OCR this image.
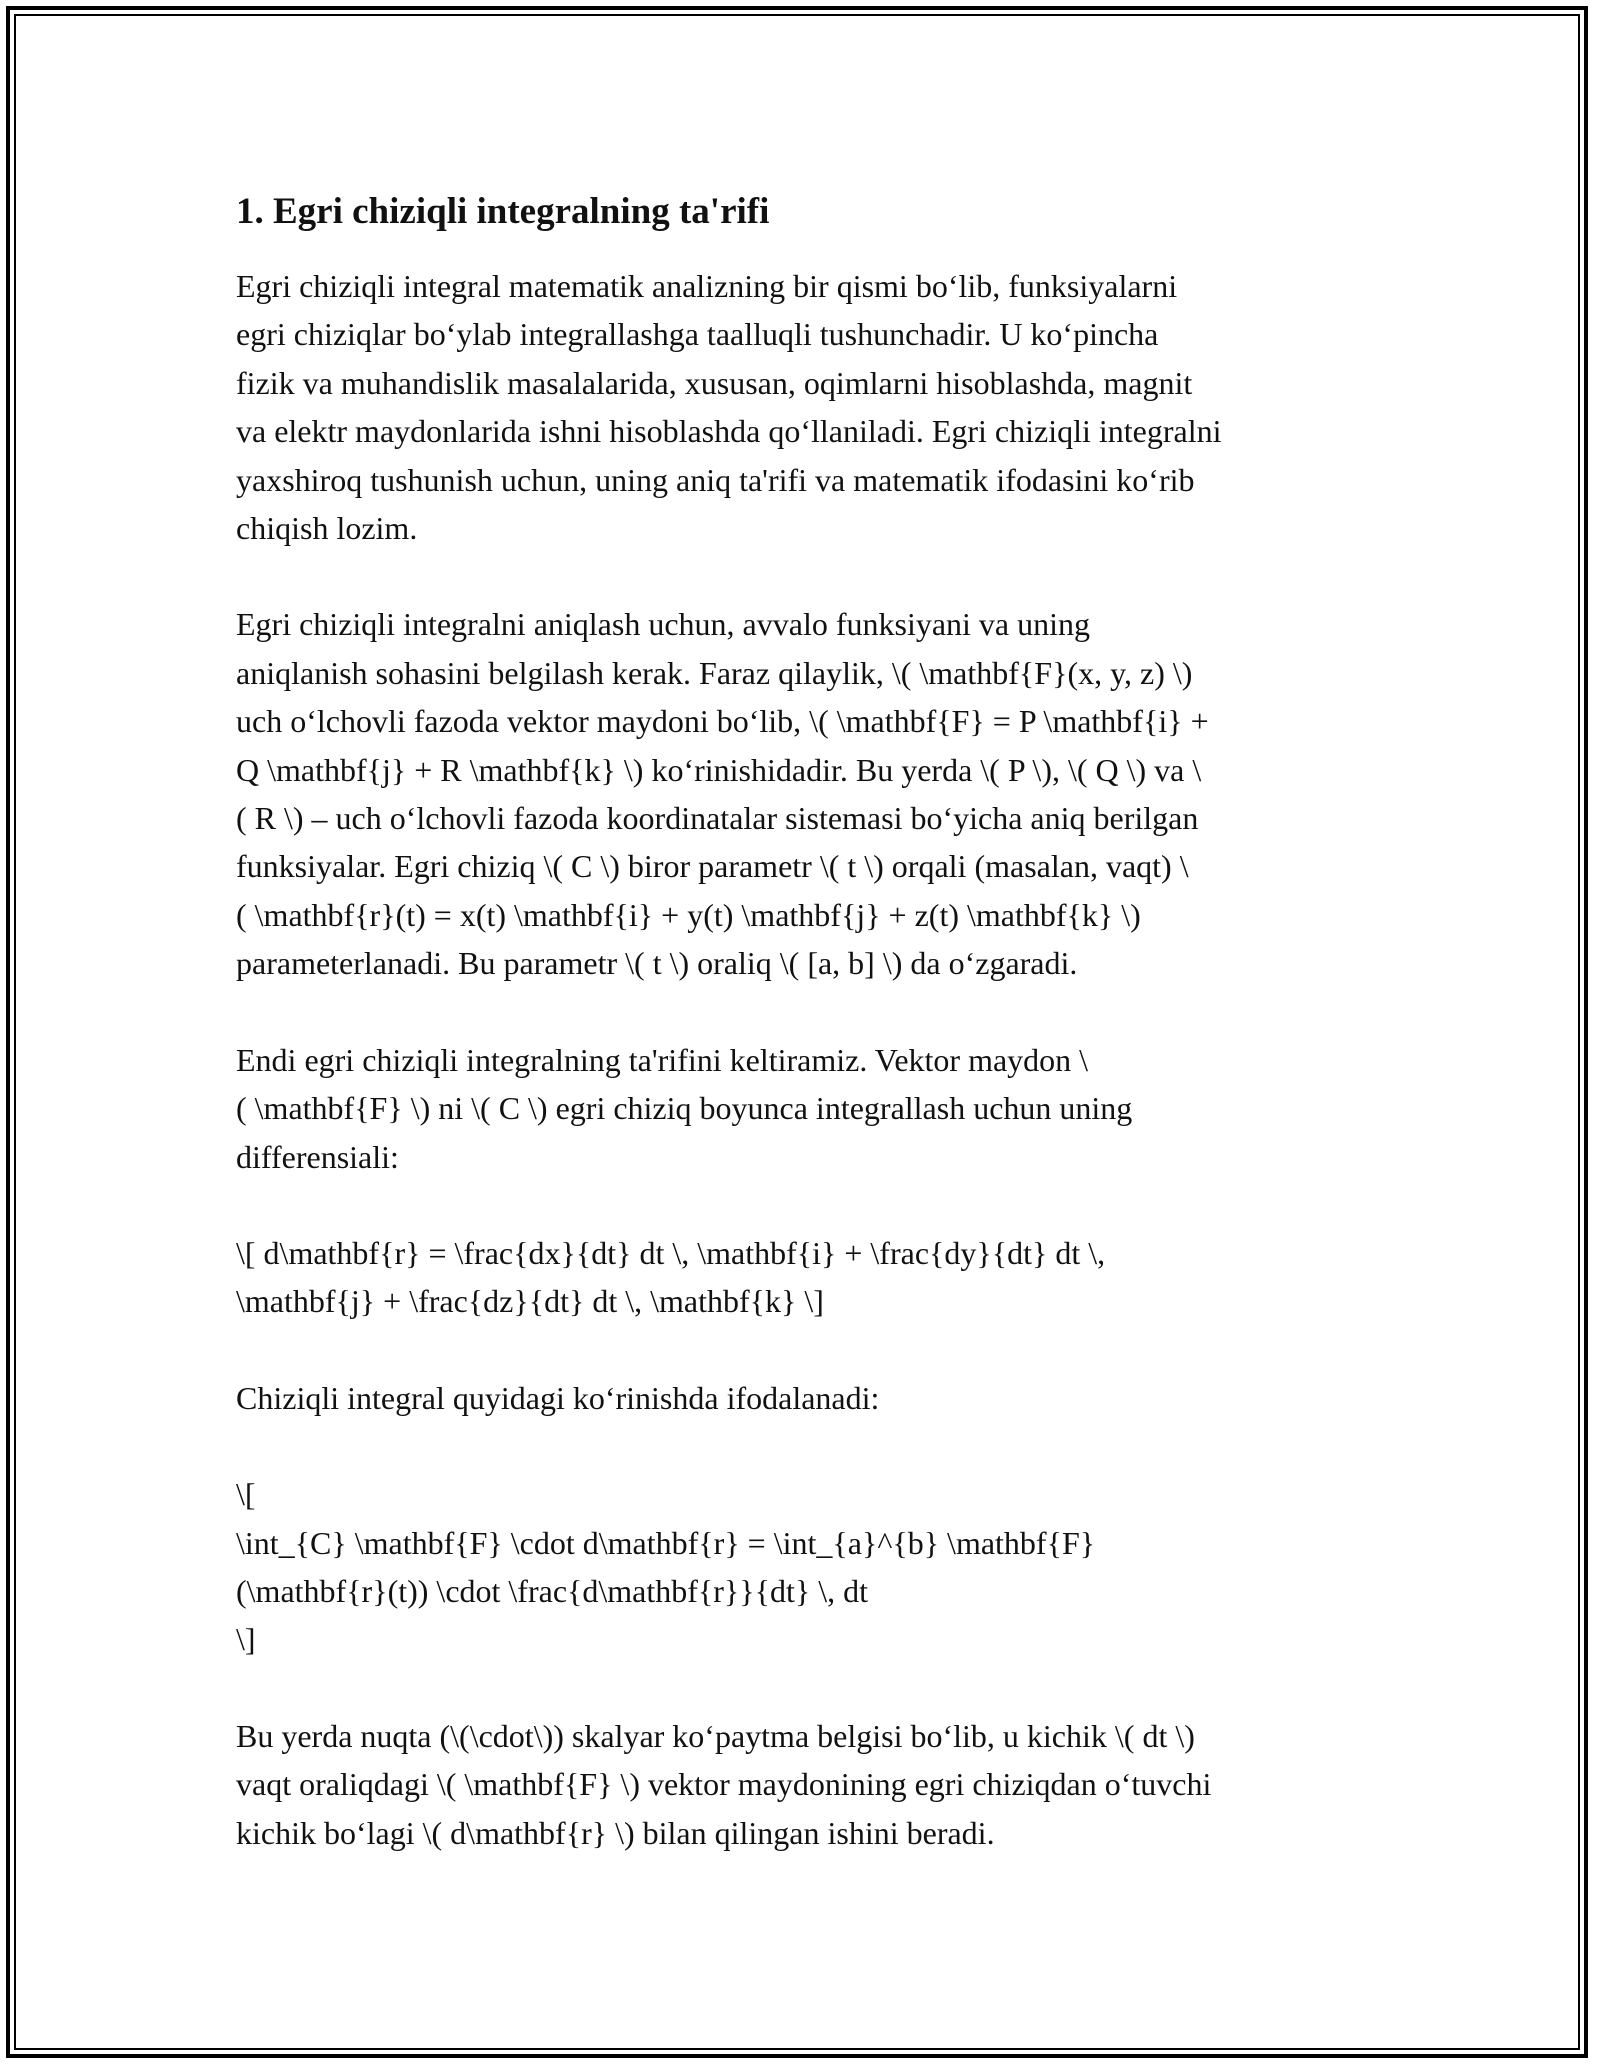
1. Egri chiziqli integralning ta'rifi

Egri chiziqli integral matematik analizning bir qismi bo‘lib, funksiyalarni
egri chiziqlar bo‘ylab integrallashga taalluqli tushunchadir. U ko‘pincha
fizik va muhandislik masalalarida, xususan, oqimlarni hisoblashda, magnit
va elektr maydonlarida ishni hisoblashda qo‘llaniladi. Egri chiziqli integralni
yaxshiroq tushunish uchun, uning aniq ta'rifi va matematik ifodasini ko‘rib
chiqish lozim.

Egri chiziqli integralni aniqlash uchun, avvalo funksiyani va uning
aniqlanish sohasini belgilash kerak. Faraz qilaylik, \( \mathbf{F}(x, y, z) \)
uch o‘lchovli fazoda vektor maydoni bo‘lib, \( \mathbf{F} = P \mathbf{i} +
Q \mathbf{j} + R \mathbf{k} \) ko‘rinishidadir. Bu yerda \( P \), \( Q \) va \
( R \) – uch o‘lchovli fazoda koordinatalar sistemasi bo‘yicha aniq berilgan
funksiyalar. Egri chiziq \( C \) biror parametr \( t \) orqali (masalan, vaqt) \
( \mathbf{r}(t) = x(t) \mathbf{i} + y(t) \mathbf{j} + z(t) \mathbf{k} \)
parameterlanadi. Bu parametr \( t \) oraliq \( [a, b] \) da o‘zgaradi.

Endi egri chiziqli integralning ta'rifini keltiramiz. Vektor maydon \
( \mathbf{F} \) ni \( C \) egri chiziq boyunca integrallash uchun uning
differensiali:

\[ d\mathbf{r} = \frac{dx}{dt} dt \, \mathbf{i} + \frac{dy}{dt} dt \,
\mathbf{j} + \frac{dz}{dt} dt \, \mathbf{k} \]

Chiziqli integral quyidagi ko‘rinishda ifodalanadi:

\[
\int_{C} \mathbf{F} \cdot d\mathbf{r} = \int_{a}^{b} \mathbf{F}
(\mathbf{r}(t)) \cdot \frac{d\mathbf{r}}{dt} \, dt
\]

Bu yerda nuqta (\(\cdot\)) skalyar ko‘paytma belgisi bo‘lib, u kichik \( dt \)
vaqt oraliqdagi \( \mathbf{F} \) vektor maydonining egri chiziqdan o‘tuvchi
kichik bo‘lagi \( d\mathbf{r} \) bilan qilingan ishini beradi.
